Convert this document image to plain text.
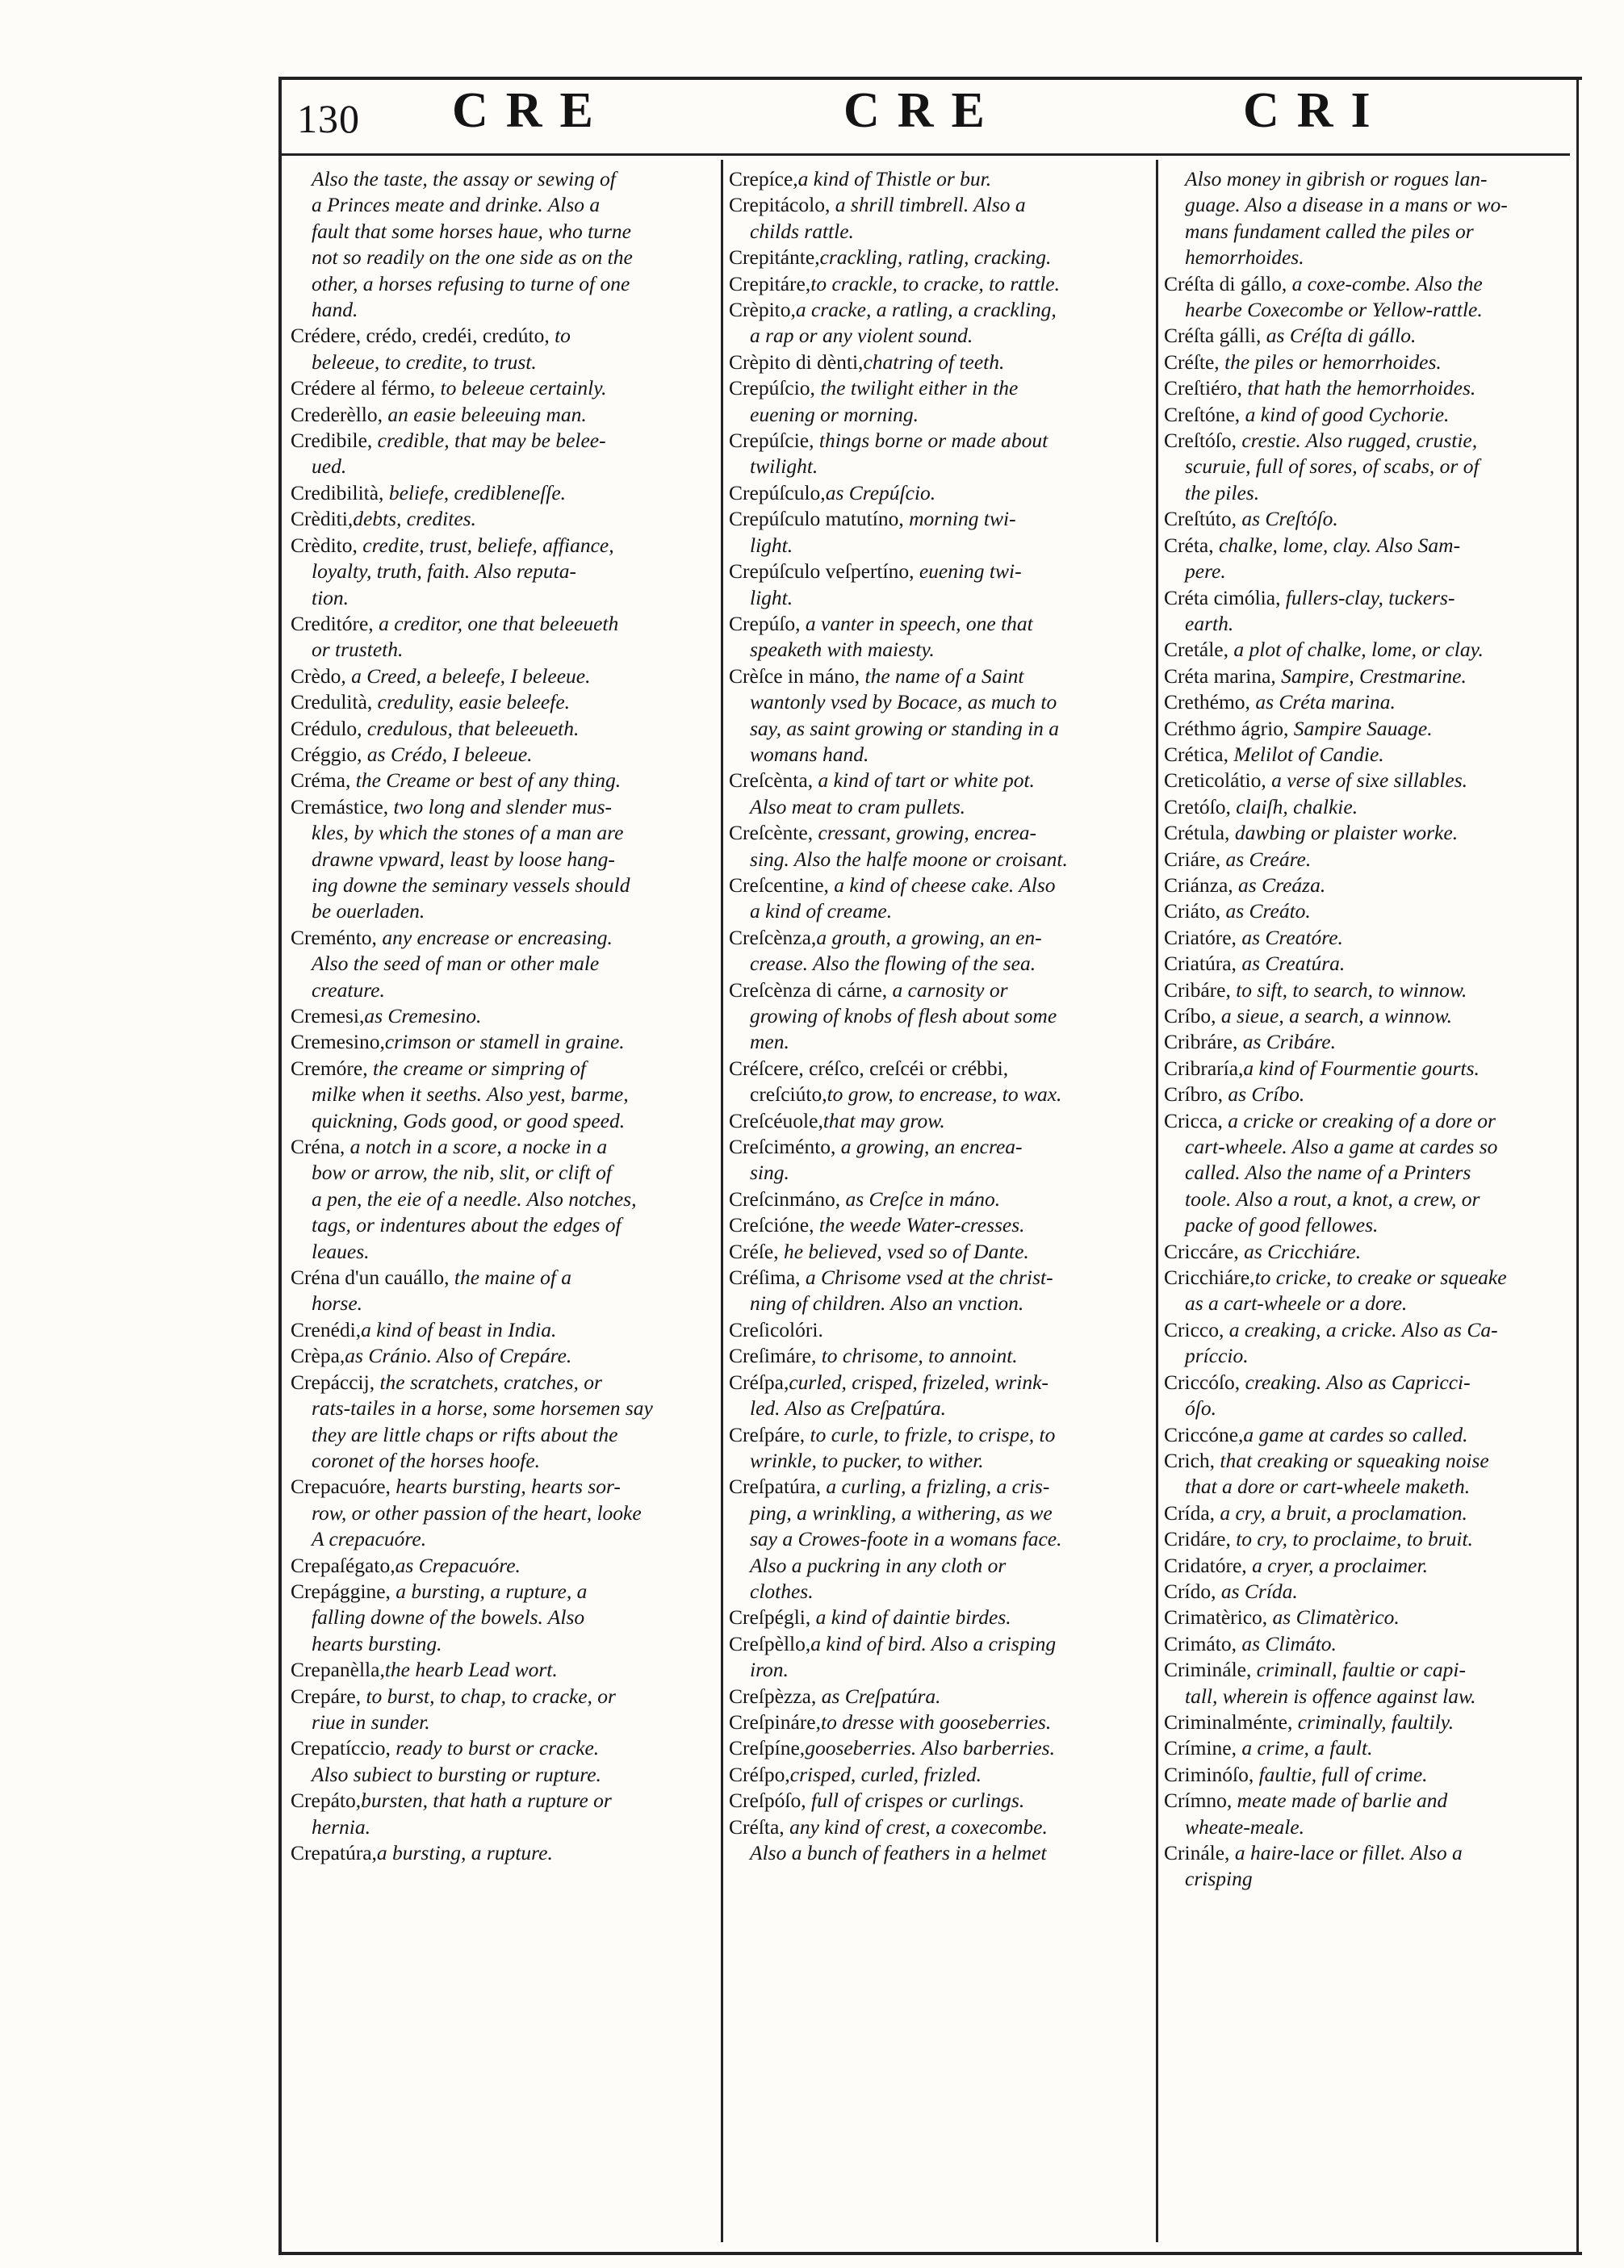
130 CRE	CRE	CRI

Also the taste, the assay or sewing of

a Princes meate and drinke. Also a

fault that some horses haue, who turne

not so readily on the one side as on the

other, a horses refusing to turne of one

hand.

Crédere, crédo, credéi, credúto, to

beleeue, to credite, to trust.

Crédere al férmo, to beleeue certainly.

Crederèllo, an easie beleeuing man.

Credibile, credible, that may be belee-

ued.

Credibilità, beliefe, credibleneſſe.

Crèditi,debts, credites.

Crèdito, credite, trust, beliefe, affiance,

loyalty, truth, faith. Also reputa-

tion.

Creditóre, a creditor, one that beleeueth

or trusteth.

Crèdo, a Creed, a beleefe, I beleeue.

Credulità, credulity, easie beleefe.

Crédulo, credulous, that beleeueth.

Créggio, as Crédo, I beleeue.

Créma, the Creame or best of any thing.

Cremástice, two long and slender mus-

kles, by which the stones of a man are

drawne vpward, least by loose hang-

ing downe the seminary vessels should

be ouerladen.

Creménto, any encrease or encreasing.

Also the seed of man or other male

creature.

Cremesi,as Cremesino.

Cremesino,crimson or stamell in graine.

Cremóre, the creame or simpring of

milke when it seeths. Also yest, barme,

quickning, Gods good, or good speed.

Créna, a notch in a score, a nocke in a

bow or arrow, the nib, slit, or clift of

a pen, the eie of a needle. Also notches,

tags, or indentures about the edges of

leaues.

Créna d'un cauállo, the maine of a

horse.

Crenédi,a kind of beast in India.

Crèpa,as Cránio. Also of Crepáre.

Crepáccij, the scratchets, cratches, or

rats-tailes in a horse, some horsemen say

they are little chaps or rifts about the

coronet of the horses hoofe.

Crepacuóre, hearts bursting, hearts sor-

row, or other passion of the heart, looke

A crepacuóre.

Crepaſégato,as Crepacuóre.

Crepággine, a bursting, a rupture, a

falling downe of the bowels. Also

hearts bursting.

Crepanèlla,the hearb Lead wort.

Crepáre, to burst, to chap, to cracke, or

riue in sunder.

Crepatíccio, ready to burst or cracke.

Also subiect to bursting or rupture.

Crepáto,bursten, that hath a rupture or

hernia.

Crepatúra,a bursting, a rupture.

Crepíce,a kind of Thistle or bur.

Crepitácolo, a shrill timbrell. Also a

childs rattle.

Crepitánte,crackling, ratling, cracking.

Crepitáre,to crackle, to cracke, to rattle.

Crèpito,a cracke, a ratling, a crackling,

a rap or any violent sound.

Crèpito di dènti,chatring of teeth.

Crepúſcio, the twilight either in the

euening or morning.

Crepúſcie, things borne or made about

twilight.

Crepúſculo,as Crepúſcio.

Crepúſculo matutíno, morning twi-

light.

Crepúſculo veſpertíno, euening twi-

light.

Crepúſo, a vanter in speech, one that

speaketh with maiesty.

Crèſce in máno, the name of a Saint

wantonly vsed by Bocace, as much to

say, as saint growing or standing in a

womans hand.

Creſcènta, a kind of tart or white pot.

Also meat to cram pullets.

Creſcènte, cressant, growing, encrea-

sing. Also the halfe moone or croisant.

Creſcentine, a kind of cheese cake. Also

a kind of creame.

Creſcènza,a grouth, a growing, an en-

crease. Also the flowing of the sea.

Creſcènza di cárne, a carnosity or

growing of knobs of flesh about some

men.

Créſcere, créſco, creſcéi or crébbi,

creſciúto,to grow, to encrease, to wax.

Creſcéuole,that may grow.

Creſciménto, a growing, an encrea-

sing.

Creſcinmáno, as Creſce in máno.

Creſcióne, the weede Water-cresses.

Créſe, he believed, vsed so of Dante.

Créſima, a Chrisome vsed at the christ-

ning of children. Also an vnction.

Creſicolóri.

Creſimáre, to chrisome, to annoint.

Créſpa,curled, crisped, frizeled, wrink-

led. Also as Creſpatúra.

Creſpáre, to curle, to frizle, to crispe, to

wrinkle, to pucker, to wither.

Creſpatúra, a curling, a frizling, a cris-

ping, a wrinkling, a withering, as we

say a Crowes-foote in a womans face.

Also a puckring in any cloth or

clothes.

Creſpégli, a kind of daintie birdes.

Creſpèllo,a kind of bird. Also a crisping

iron.

Creſpèzza, as Creſpatúra.

Creſpináre,to dresse with gooseberries.

Creſpíne,gooseberries. Also barberries.

Créſpo,crisped, curled, frizled.

Creſpóſo, full of crispes or curlings.

Créſta, any kind of crest, a coxecombe.

Also a bunch of feathers in a helmet

Also money in gibrish or rogues lan-

guage. Also a disease in a mans or wo-

mans fundament called the piles or

hemorrhoides.

Créſta di gállo, a coxe-combe. Also the

hearbe Coxecombe or Yellow-rattle.

Créſta gálli, as Créſta di gállo.

Créſte, the piles or hemorrhoides.

Creſtiéro, that hath the hemorrhoides.

Creſtóne, a kind of good Cychorie.

Creſtóſo, crestie. Also rugged, crustie,

scuruie, full of sores, of scabs, or of

the piles.

Creſtúto, as Creſtóſo.

Créta, chalke, lome, clay. Also Sam-

pere.

Créta cimólia, fullers-clay, tuckers-

earth.

Cretále, a plot of chalke, lome, or clay.

Créta marina, Sampire, Crestmarine.

Crethémo, as Créta marina.

Créthmo ágrio, Sampire Sauage.

Crética, Melilot of Candie.

Creticolátio, a verse of sixe sillables.

Cretóſo, claiſh, chalkie.

Crétula, dawbing or plaister worke.

Criáre, as Creáre.

Criánza, as Creáza.

Criáto, as Creáto.

Criatóre, as Creatóre.

Criatúra, as Creatúra.

Cribáre, to sift, to search, to winnow.

Críbo, a sieue, a search, a winnow.

Cribráre, as Cribáre.

Cribraría,a kind of Fourmentie gourts.

Críbro, as Críbo.

Cricca, a cricke or creaking of a dore or

cart-wheele. Also a game at cardes so

called. Also the name of a Printers

toole. Also a rout, a knot, a crew, or

packe of good fellowes.

Criccáre, as Cricchiáre.

Cricchiáre,to cricke, to creake or squeake

as a cart-wheele or a dore.

Cricco, a creaking, a cricke. Also as Ca-

príccio.

Criccóſo, creaking. Also as Capricci-

óſo.

Criccóne,a game at cardes so called.

Crich, that creaking or squeaking noise

that a dore or cart-wheele maketh.

Crída, a cry, a bruit, a proclamation.

Cridáre, to cry, to proclaime, to bruit.

Cridatóre, a cryer, a proclaimer.

Crído, as Crída.

Crimatèrico, as Climatèrico.

Crimáto, as Climáto.

Criminále, criminall, faultie or capi-

tall, wherein is offence against law.

Criminalménte, criminally, faultily.

Crímine, a crime, a fault.

Criminóſo, faultie, full of crime.

Crímno, meate made of barlie and

wheate-meale.

Crinále, a haire-lace or fillet. Also a

crisping
